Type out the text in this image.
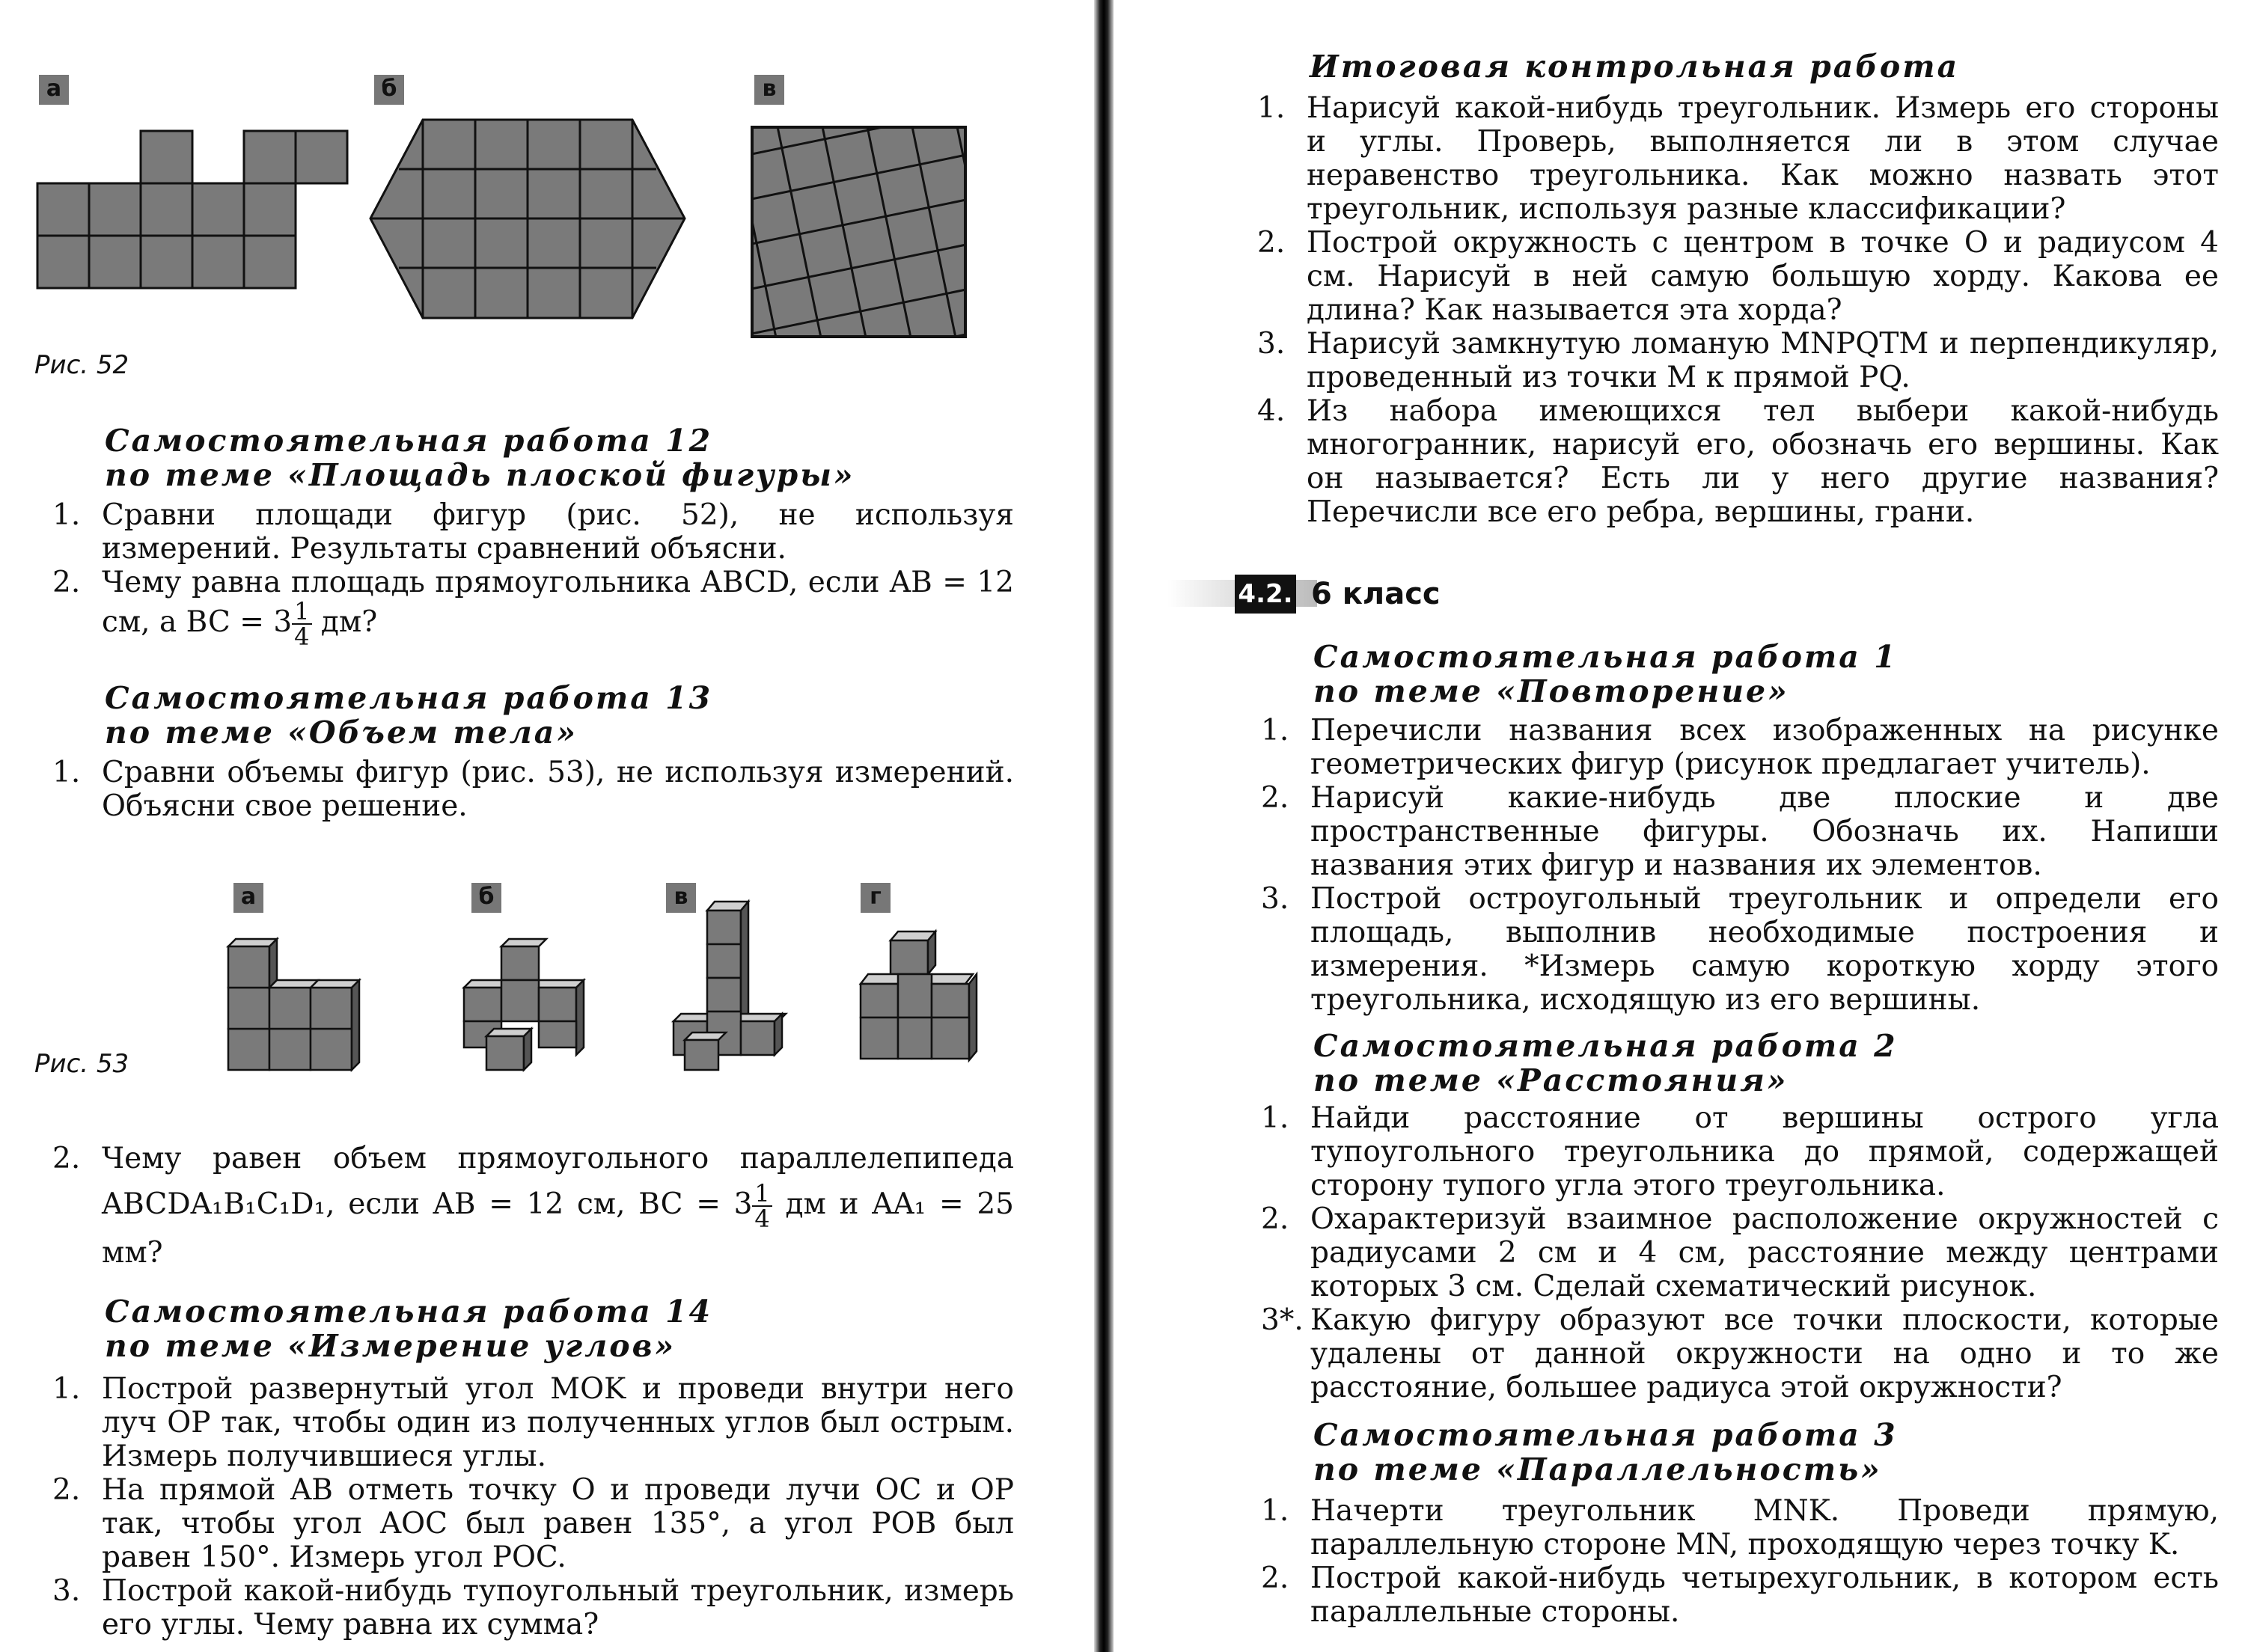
а	б	в
Рис. 52

Самостоятельная работа 12

по теме «Площадь плоской фигуры»

1. Сравни площади фигур (рис. 52), не используя измерений. Результаты сравнений объясни.
2. Чему равна площадь прямоугольника ABCD, если AB = 12 см, а BC = $3 \frac{1}{4}$ дм?

Самостоятельная работа 13

по теме «Объем тела»

1. Сравни объемы фигур (рис. 53), не используя измерений. Объясни свое решение.
а	б	в	г
Рис. 53
2. Чему равен объем прямоугольного параллелепипеда ABCDA₁B₁C₁D₁, если AB = 12 см, BC = $3 \frac{1}{4}$ дм и AA₁ = 25 мм?

Самостоятельная работа 14

по теме «Измерение углов»

1. Построй развернутый угол MOK и проведи внутри него луч OP так, чтобы один из полученных углов был острым. Измерь получившиеся углы.
2. На прямой AB отметь точку O и проведи лучи OC и OP так, чтобы угол AOC был равен 135°, а угол POB был равен 150°. Измерь угол POC.
3. Построй какой-нибудь тупоугольный треугольник, измерь его углы. Чему равна их сумма?

Итоговая контрольная работа

1. Нарисуй какой-нибудь треугольник. Измерь его стороны и углы. Проверь, выполняется ли в этом случае неравенство треугольника. Как можно назвать этот треугольник, используя разные классификации?
2. Построй окружность с центром в точке O и радиусом 4 см. Нарисуй в ней самую большую хорду. Какова ее длина? Как называется эта хорда?
3. Нарисуй замкнутую ломаную MNPQTM и перпендикуляр, проведенный из точки M к прямой PQ.
4. Из набора имеющихся тел выбери какой-нибудь многогранник, нарисуй его, обозначь его вершины. Как он называется? Есть ли у него другие названия? Перечисли все его ребра, вершины, грани.
4.2. 6 класс

Самостоятельная работа 1

по теме «Повторение»

1. Перечисли названия всех изображенных на рисунке геометрических фигур (рисунок предлагает учитель).
2. Нарисуй какие-нибудь две плоские и две пространственные фигуры. Обозначь их. Напиши названия этих фигур и названия их элементов.
3. Построй остроугольный треугольник и определи его площадь, выполнив необходимые построения и измерения. *Измерь самую короткую хорду этого треугольника, исходящую из его вершины.

Самостоятельная работа 2

по теме «Расстояния»

1. Найди расстояние от вершины острого угла тупоугольного треугольника до прямой, содержащей сторону тупого угла этого треугольника.
2. Охарактеризуй взаимное расположение окружностей с радиусами 2 см и 4 см, расстояние между центрами которых 3 см. Сделай схематический рисунок.
3*. Какую фигуру образуют все точки плоскости, которые удалены от данной окружности на одно и то же расстояние, большее радиуса этой окружности?

Самостоятельная работа 3

по теме «Параллельность»

1. Начерти треугольник MNK. Проведи прямую, параллельную стороне MN, проходящую через точку K.
2. Построй какой-нибудь четырехугольник, в котором есть параллельные стороны.
